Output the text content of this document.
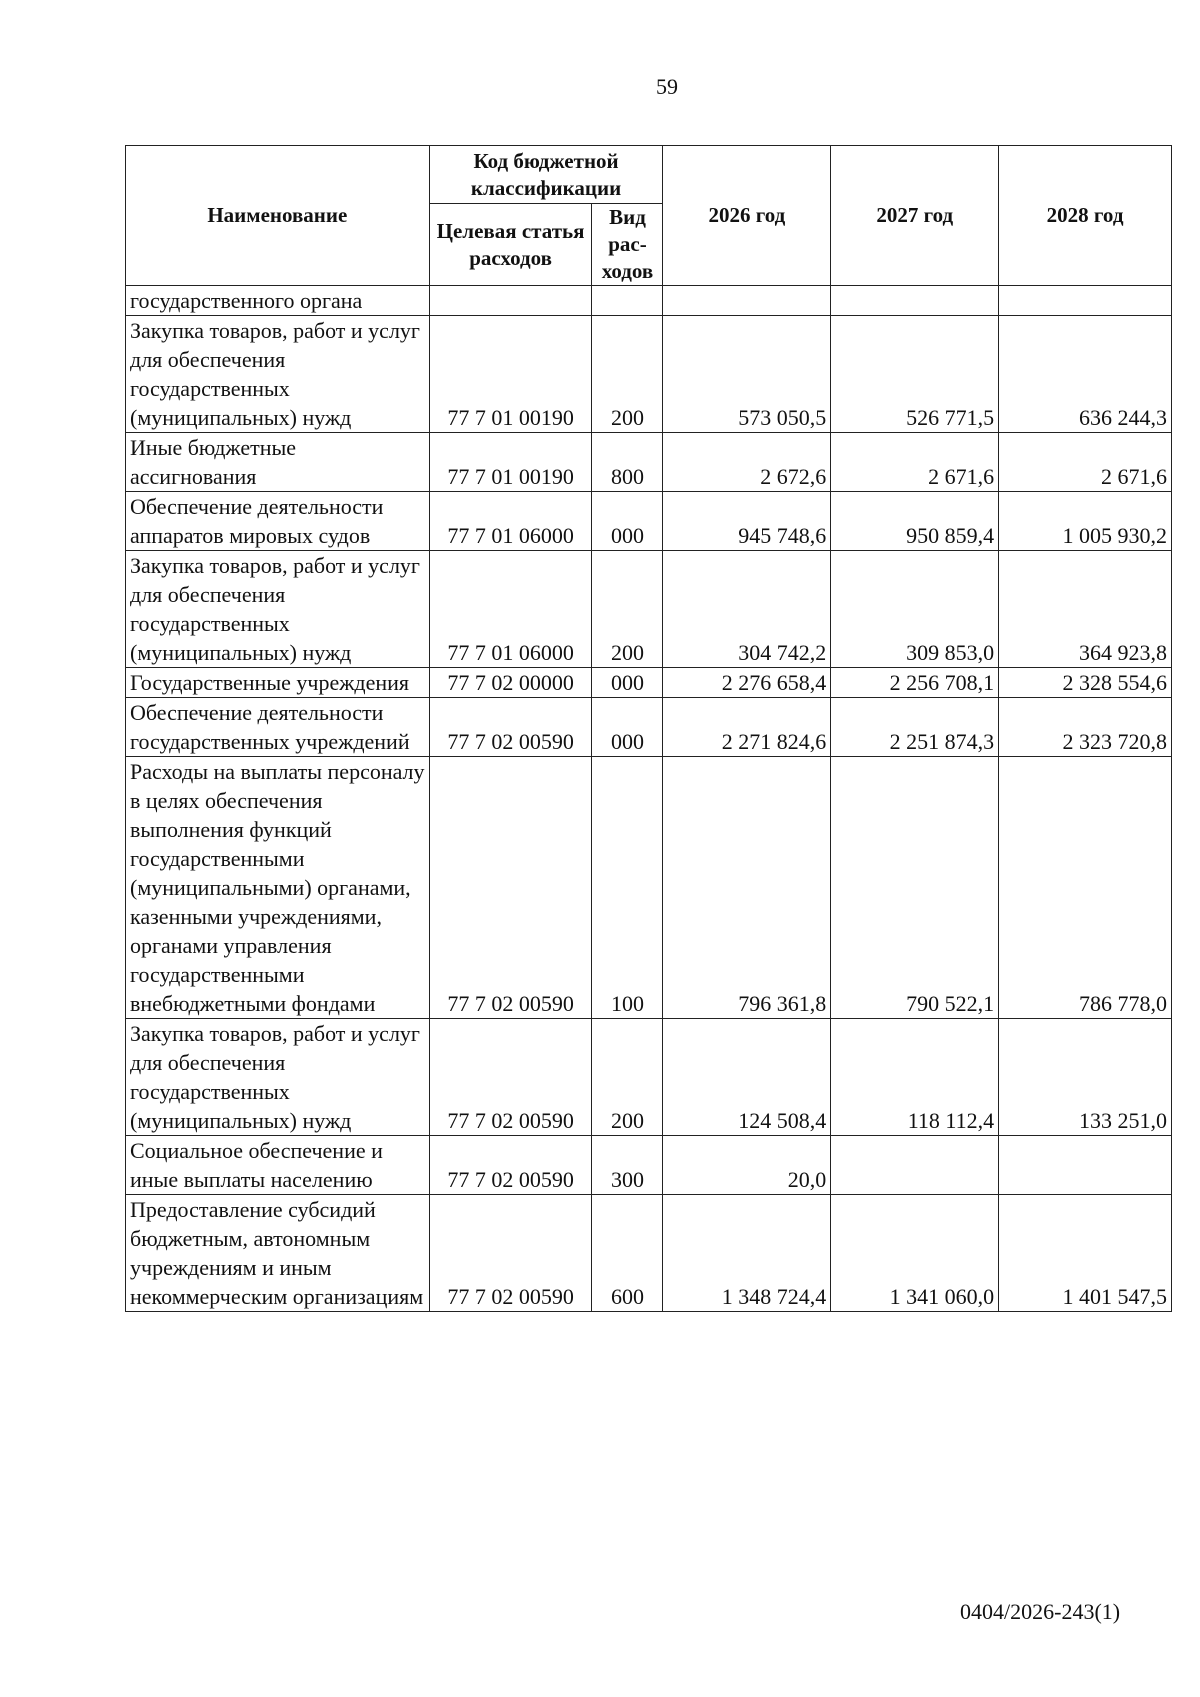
59
Наименование	Код бюджетной классификации		2026 год	2027 год	2028 год
	Целевая статья расходов	Вид рас-ходов			
государственного органа					
Закупка товаров, работ и услуг для обеспечения государственных (муниципальных) нужд	77 7 01 00190	200	573 050,5	526 771,5	636 244,3
Иные бюджетные ассигнования	77 7 01 00190	800	2 672,6	2 671,6	2 671,6
Обеспечение деятельности аппаратов мировых судов	77 7 01 06000	000	945 748,6	950 859,4	1 005 930,2
Закупка товаров, работ и услуг для обеспечения государственных (муниципальных) нужд	77 7 01 06000	200	304 742,2	309 853,0	364 923,8
Государственные учреждения	77 7 02 00000	000	2 276 658,4	2 256 708,1	2 328 554,6
Обеспечение деятельности государственных учреждений	77 7 02 00590	000	2 271 824,6	2 251 874,3	2 323 720,8
Расходы на выплаты персоналу в целях обеспечения выполнения функций государственными (муниципальными) органами, казенными учреждениями, органами управления государственными внебюджетными фондами	77 7 02 00590	100	796 361,8	790 522,1	786 778,0
Закупка товаров, работ и услуг для обеспечения государственных (муниципальных) нужд	77 7 02 00590	200	124 508,4	118 112,4	133 251,0
Социальное обеспечение и иные выплаты населению	77 7 02 00590	300	20,0		
Предоставление субсидий бюджетным, автономным учреждениям и иным некоммерческим организациям	77 7 02 00590	600	1 348 724,4	1 341 060,0	1 401 547,5
0404/2026-243(1)
